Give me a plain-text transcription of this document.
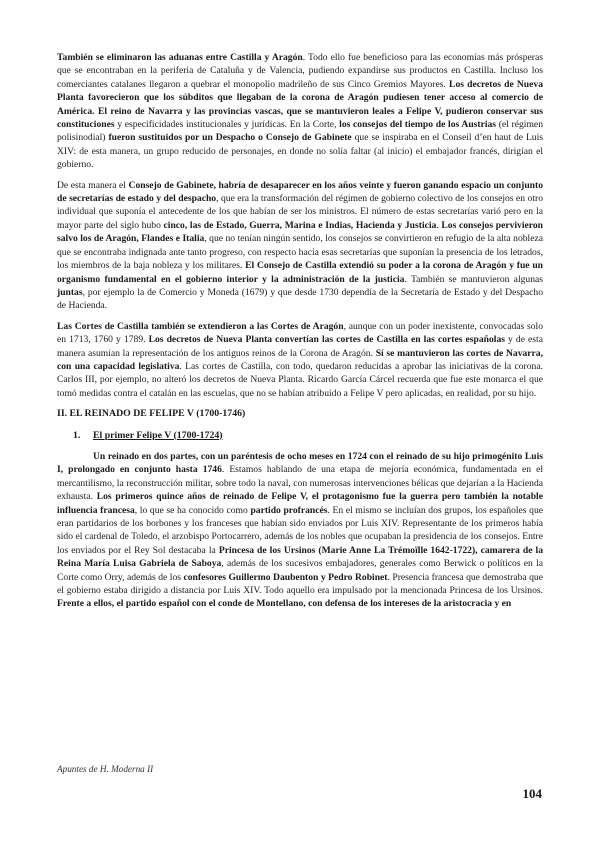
También se eliminaron las aduanas entre Castilla y Aragón. Todo ello fue beneficioso para las economías más prósperas que se encontraban en la periferia de Cataluña y de Valencia, pudiendo expandirse sus productos en Castilla. Incluso los comerciantes catalanes llegaron a quebrar el monopolio madrileño de sus Cinco Gremios Mayores. Los decretos de Nueva Planta favorecieron que los súbditos que llegaban de la corona de Aragón pudiesen tener acceso al comercio de América. El reino de Navarra y las provincias vascas, que se mantuvieron leales a Felipe V, pudieron conservar sus constituciones y especificidades institucionales y jurídicas. En la Corte, los consejos del tiempo de los Austrias (el régimen polisinodial) fueron sustituidos por un Despacho o Consejo de Gabinete que se inspiraba en el Conseil d’en haut de Luis XIV: de esta manera, un grupo reducido de personajes, en donde no solía faltar (al inicio) el embajador francés, dirigían el gobierno.

De esta manera el Consejo de Gabinete, habría de desaparecer en los años veinte y fueron ganando espacio un conjunto de secretarías de estado y del despacho, que era la transformación del régimen de gobierno colectivo de los consejos en otro individual que suponía el antecedente de los que habían de ser los ministros. El número de estas secretarías varió pero en la mayor parte del siglo hubo cinco, las de Estado, Guerra, Marina e Indias, Hacienda y Justicia. Los consejos pervivieron salvo los de Aragón, Flandes e Italia, que no tenían ningún sentido, los consejos se convirtieron en refugio de la alta nobleza que se encontraba indignada ante tanto progreso, con respecto hacia esas secretarías que suponían la presencia de los letrados, los miembros de la baja nobleza y los militares. El Consejo de Castilla extendió su poder a la corona de Aragón y fue un organismo fundamental en el gobierno interior y la administración de la justicia. También se mantuvieron algunas juntas, por ejemplo la de Comercio y Moneda (1679) y que desde 1730 dependía de la Secretaría de Estado y del Despacho de Hacienda.

Las Cortes de Castilla también se extendieron a las Cortes de Aragón, aunque con un poder inexistente, convocadas solo en 1713, 1760 y 1789. Los decretos de Nueva Planta convertían las cortes de Castilla en las cortes españolas y de esta manera asumían la representación de los antiguos reinos de la Corona de Aragón. Sí se mantuvieron las cortes de Navarra, con una capacidad legislativa. Las cortes de Castilla, con todo, quedaron reducidas a aprobar las iniciativas de la corona. Carlos III, por ejemplo, no alteró los decretos de Nueva Planta. Ricardo García Cárcel recuerda que fue este monarca el que tomó medidas contra el catalán en las escuelas, que no se habían atribuido a Felipe V pero aplicadas, en realidad, por su hijo.

II. EL REINADO DE FELIPE V (1700-1746)
1. El primer Felipe V (1700-1724)

Un reinado en dos partes, con un paréntesis de ocho meses en 1724 con el reinado de su hijo primogénito Luis I, prolongado en conjunto hasta 1746. Estamos hablando de una etapa de mejoría económica, fundamentada en el mercantilismo, la reconstrucción militar, sobre todo la naval, con numerosas intervenciones bélicas que dejarían a la Hacienda exhausta. Los primeros quince años de reinado de Felipe V, el protagonismo fue la guerra pero también la notable influencia francesa, lo que se ha conocido como partido profrancés. En el mismo se incluían dos grupos, los españoles que eran partidarios de los borbones y los franceses que habían sido enviados por Luis XIV. Representante de los primeros había sido el cardenal de Toledo, el arzobispo Portocarrero, además de los nobles que ocupaban la presidencia de los consejos. Entre los enviados por el Rey Sol destacaba la Princesa de los Ursinos (Marie Anne La Trémoïlle 1642-1722), camarera de la Reina María Luisa Gabriela de Saboya, además de los sucesivos embajadores, generales como Berwick o políticos en la Corte como Orry, además de los confesores Guillermo Daubenton y Pedro Robinet. Presencia francesa que demostraba que el gobierno estaba dirigido a distancia por Luis XIV. Todo aquello era impulsado por la mencionada Princesa de los Ursinos. Frente a ellos, el partido español con el conde de Montellano, con defensa de los intereses de la aristocracia y en

Apuntes de H. Moderna II
104
